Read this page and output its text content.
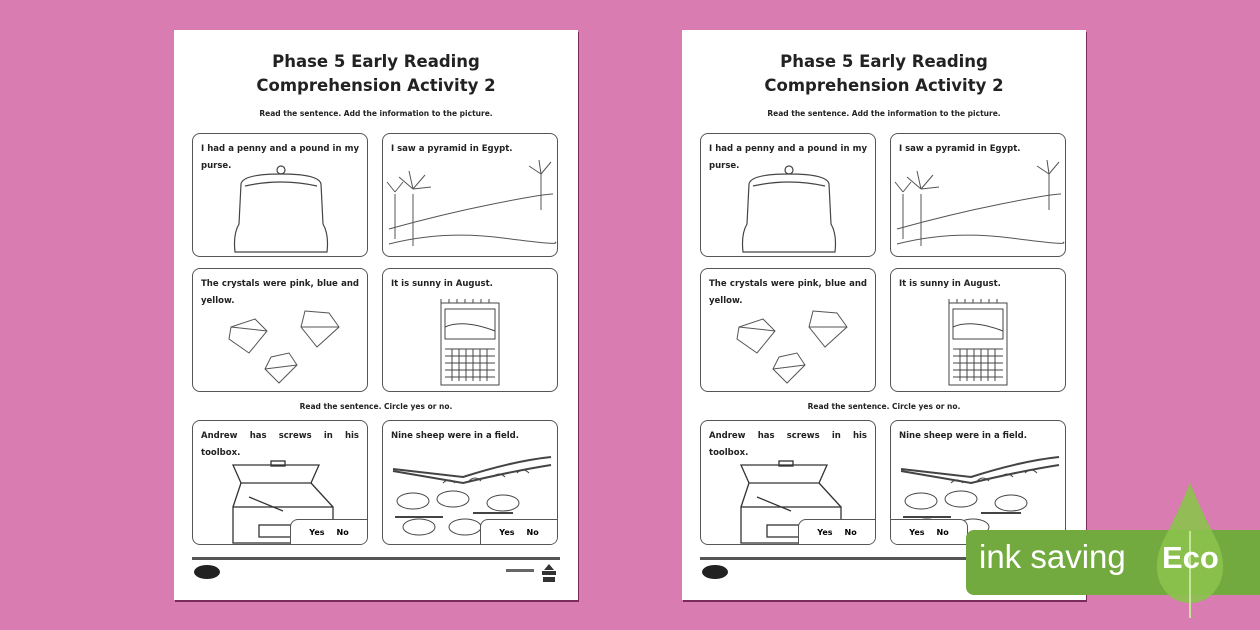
Phase 5 Early Reading
Comprehension Activity 2
Read the sentence. Add the information to the picture.
I had a penny and a pound in my purse.
I saw a pyramid in Egypt.
The crystals were pink, blue and yellow.
It is sunny in August.
Read the sentence. Circle yes or no.
Andrew has screws in his toolbox.
Yes No
Nine sheep were in a field.
Yes No
Phase 5 Early Reading
Comprehension Activity 2
Read the sentence. Add the information to the picture.
I had a penny and a pound in my purse.
I saw a pyramid in Egypt.
The crystals were pink, blue and yellow.
It is sunny in August.
Read the sentence. Circle yes or no.
Andrew has screws in his toolbox.
Yes No
Nine sheep were in a field.
Yes No
ink saving Eco
